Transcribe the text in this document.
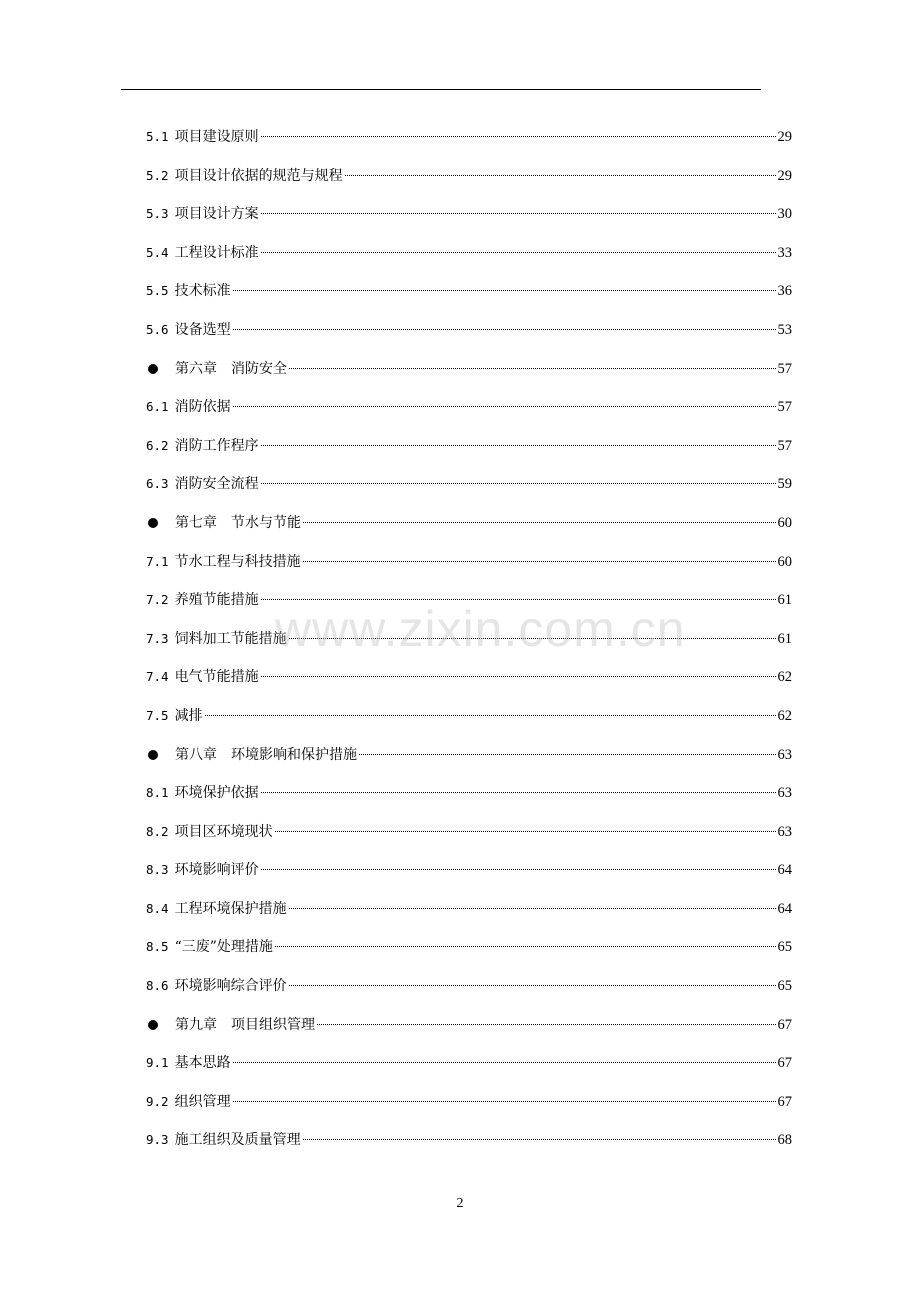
5.1 项目建设原则	29
5.2 项目设计依据的规范与规程	29
5.3 项目设计方案	30
5.4 工程设计标准	33
5.5 技术标准	36
5.6 设备选型	53
第六章　消防安全	57
6.1 消防依据	57
6.2 消防工作程序	57
6.3 消防安全流程	59
第七章　节水与节能	60
7.1 节水工程与科技措施	60
7.2 养殖节能措施	61
7.3 饲料加工节能措施	61
7.4 电气节能措施	62
7.5 减排	62
第八章　环境影响和保护措施	63
8.1 环境保护依据	63
8.2 项目区环境现状	63
8.3 环境影响评价	64
8.4 工程环境保护措施	64
8.5 “三废”处理措施	65
8.6 环境影响综合评价	65
第九章　项目组织管理	67
9.1 基本思路	67
9.2 组织管理	67
9.3 施工组织及质量管理	68
www.zixin.com.cn
2
